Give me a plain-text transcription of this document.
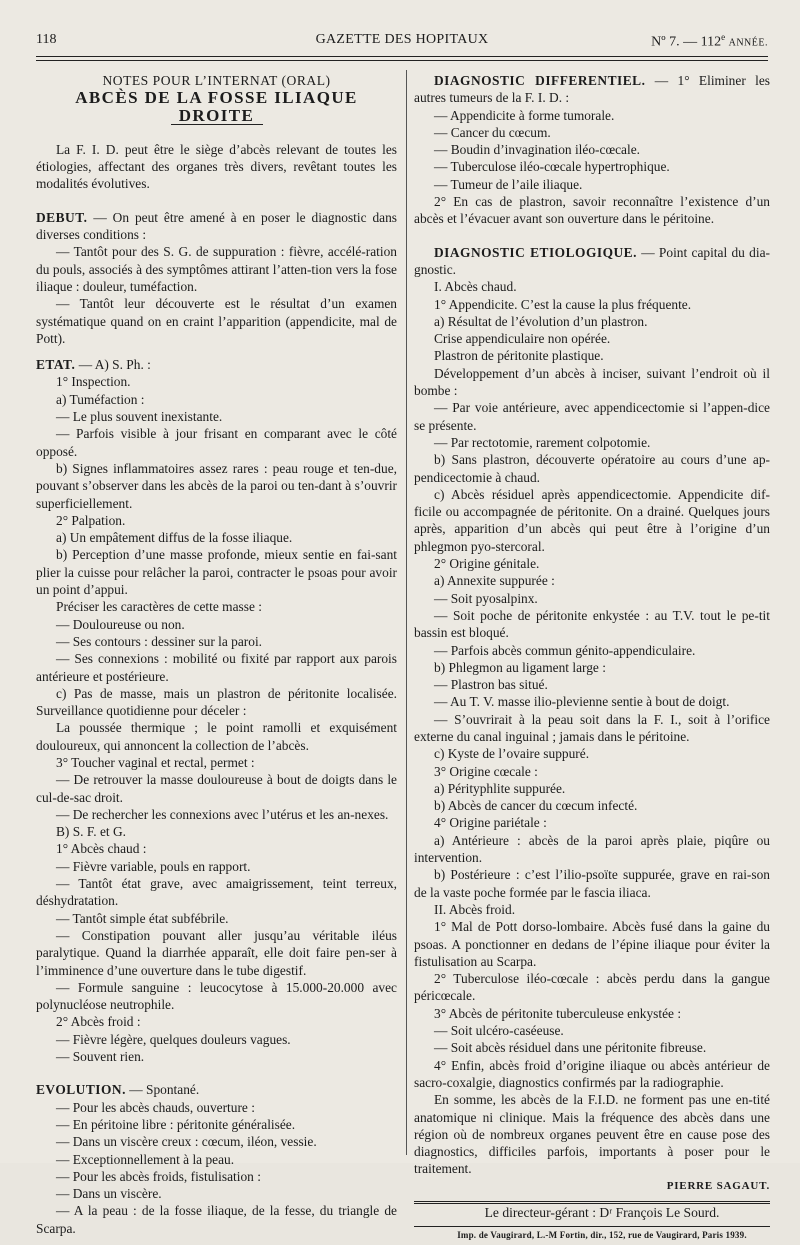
118	GAZETTE DES HOPITAUX	Nº 7. — 112e ANNÉE.

NOTES POUR L’INTERNAT (ORAL)

ABCÈS DE LA FOSSE ILIAQUE DROITE

La F. I. D. peut être le siège d’abcès relevant de toutes les étiologies, affectant des organes très divers, revêtant toutes les modalités évolutives.

DEBUT. — On peut être amené à en poser le diagnostic dans diverses conditions :

— Tantôt pour des S. G. de suppuration : fièvre, accélé-ration du pouls, associés à des symptômes attirant l’atten-tion vers la fose iliaque : douleur, tuméfaction.

— Tantôt leur découverte est le résultat d’un examen systématique quand on en craint l’apparition (appendicite, mal de Pott).

ETAT. — A) S. Ph. :

1° Inspection.

a) Tuméfaction :

— Le plus souvent inexistante.

— Parfois visible à jour frisant en comparant avec le côté opposé.

b) Signes inflammatoires assez rares : peau rouge et ten-due, pouvant s’observer dans les abcès de la paroi ou ten-dant à s’ouvrir superficiellement.

2° Palpation.

a) Un empâtement diffus de la fosse iliaque.

b) Perception d’une masse profonde, mieux sentie en fai-sant plier la cuisse pour relâcher la paroi, contracter le psoas pour avoir un point d’appui.

Préciser les caractères de cette masse :

— Douloureuse ou non.

— Ses contours : dessiner sur la paroi.

— Ses connexions : mobilité ou fixité par rapport aux parois antérieure et postérieure.

c) Pas de masse, mais un plastron de péritonite localisée. Surveillance quotidienne pour déceler :

La poussée thermique ; le point ramolli et exquisément douloureux, qui annoncent la collection de l’abcès.

3° Toucher vaginal et rectal, permet :

— De retrouver la masse douloureuse à bout de doigts dans le cul-de-sac droit.

— De rechercher les connexions avec l’utérus et les an-nexes.

B) S. F. et G.

1° Abcès chaud :

— Fièvre variable, pouls en rapport.

— Tantôt état grave, avec amaigrissement, teint terreux, déshydratation.

— Tantôt simple état subfébrile.

— Constipation pouvant aller jusqu’au véritable iléus paralytique. Quand la diarrhée apparaît, elle doit faire pen-ser à l’imminence d’une ouverture dans le tube digestif.

— Formule sanguine : leucocytose à 15.000-20.000 avec polynucléose neutrophile.

2° Abcès froid :

— Fièvre légère, quelques douleurs vagues.

— Souvent rien.

EVOLUTION. — Spontané.

— Pour les abcès chauds, ouverture :

— En péritoine libre : péritonite généralisée.

— Dans un viscère creux : cœcum, iléon, vessie.

— Exceptionnellement à la peau.

— Pour les abcès froids, fistulisation :

— Dans un viscère.

— A la peau : de la fosse iliaque, de la fesse, du triangle de Scarpa.

DIAGNOSTIC DIFFERENTIEL. — 1° Eliminer les autres tumeurs de la F. I. D. :

— Appendicite à forme tumorale.

— Cancer du cœcum.

— Boudin d’invagination iléo-cœcale.

— Tuberculose iléo-cœcale hypertrophique.

— Tumeur de l’aile iliaque.

2° En cas de plastron, savoir reconnaître l’existence d’un abcès et l’évacuer avant son ouverture dans le péritoine.

DIAGNOSTIC ETIOLOGIQUE. — Point capital du dia-gnostic.

I. Abcès chaud.

1° Appendicite. C’est la cause la plus fréquente.

a) Résultat de l’évolution d’un plastron.

Crise appendiculaire non opérée.

Plastron de péritonite plastique.

Développement d’un abcès à inciser, suivant l’endroit où il bombe :

— Par voie antérieure, avec appendicectomie si l’appen-dice se présente.

— Par rectotomie, rarement colpotomie.

b) Sans plastron, découverte opératoire au cours d’une ap-pendicectomie à chaud.

c) Abcès résiduel après appendicectomie. Appendicite dif-ficile ou accompagnée de péritonite. On a drainé. Quelques jours après, apparition d’un abcès qui peut être à l’origine d’un phlegmon pyo-stercoral.

2° Origine génitale.

a) Annexite suppurée :

— Soit pyosalpinx.

— Soit poche de péritonite enkystée : au T.V. tout le pe-tit bassin est bloqué.

— Parfois abcès commun génito-appendiculaire.

b) Phlegmon au ligament large :

— Plastron bas situé.

— Au T. V. masse ilio-plevienne sentie à bout de doigt.

— S’ouvrirait à la peau soit dans la F. I., soit à l’orifice externe du canal inguinal ; jamais dans le péritoine.

c) Kyste de l’ovaire suppuré.

3° Origine cœcale :

a) Pérityphlite suppurée.

b) Abcès de cancer du cœcum infecté.

4° Origine pariétale :

a) Antérieure : abcès de la paroi après plaie, piqûre ou intervention.

b) Postérieure : c’est l’ilio-psoïte suppurée, grave en rai-son de la vaste poche formée par le fascia iliaca.

II. Abcès froid.

1° Mal de Pott dorso-lombaire. Abcès fusé dans la gaine du psoas. A ponctionner en dedans de l’épine iliaque pour éviter la fistulisation au Scarpa.

2° Tuberculose iléo-cœcale : abcès perdu dans la gangue péricœcale.

3° Abcès de péritonite tuberculeuse enkystée :

— Soit ulcéro-caséeuse.

— Soit abcès résiduel dans une péritonite fibreuse.

4° Enfin, abcès froid d’origine iliaque ou abcès antérieur de sacro-coxalgie, diagnostics confirmés par la radiographie.

En somme, les abcès de la F.I.D. ne forment pas une en-tité anatomique ni clinique. Mais la fréquence des abcès dans une région où de nombreux organes peuvent être en cause pose des diagnostics, difficiles parfois, importants à poser pour le traitement.

PIERRE SAGAUT.

Le directeur-gérant : Dʳ François Le Sourd.

Imp. de Vaugirard, L.-M Fortin, dir., 152, rue de Vaugirard, Paris 1939.
